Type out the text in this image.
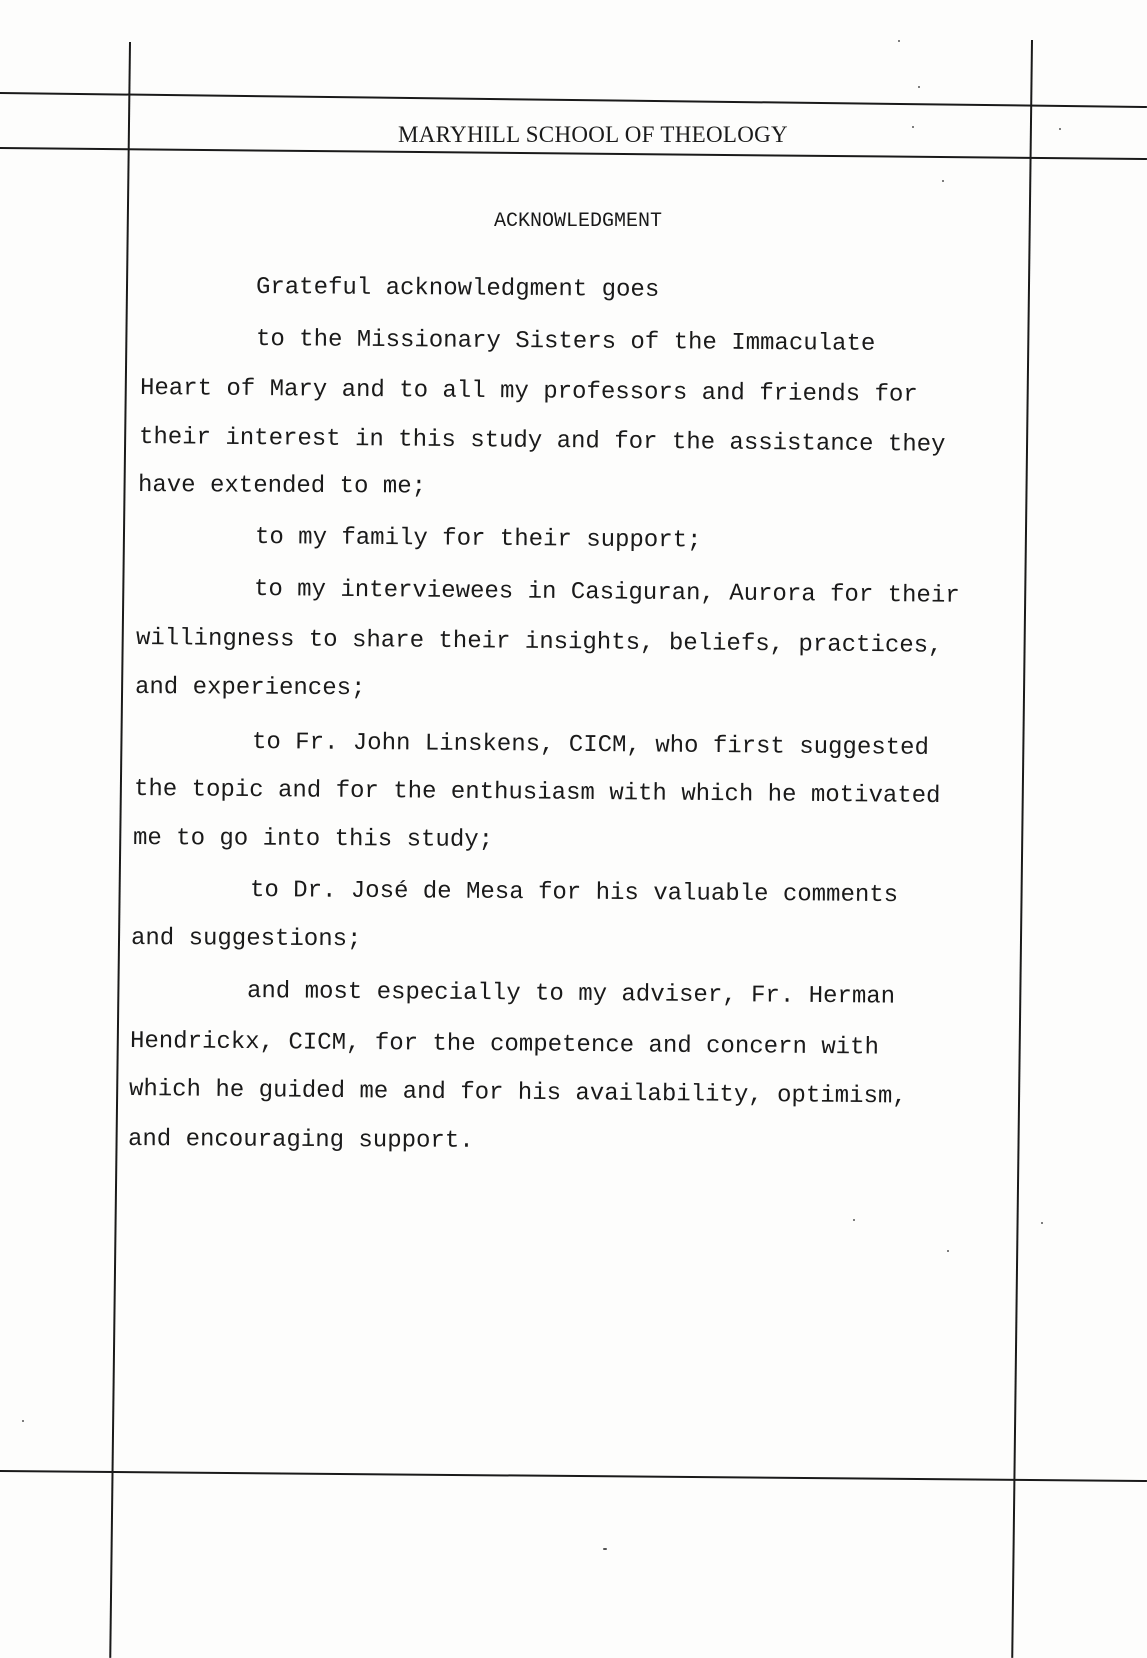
MARYHILL SCHOOL OF THEOLOGY
ACKNOWLEDGMENT
Grateful acknowledgment goes
to the Missionary Sisters of the Immaculate
Heart of Mary and to all my professors and friends for
their interest in this study and for the assistance they
have extended to me;
to my family for their support;
to my interviewees in Casiguran, Aurora for their
willingness to share their insights, beliefs, practices,
and experiences;
to Fr. John Linskens, CICM, who first suggested
the topic and for the enthusiasm with which he motivated
me to go into this study;
to Dr. José de Mesa for his valuable comments
and suggestions;
and most especially to my adviser, Fr. Herman
Hendrickx, CICM, for the competence and concern with
which he guided me and for his availability, optimism,
and encouraging support.
